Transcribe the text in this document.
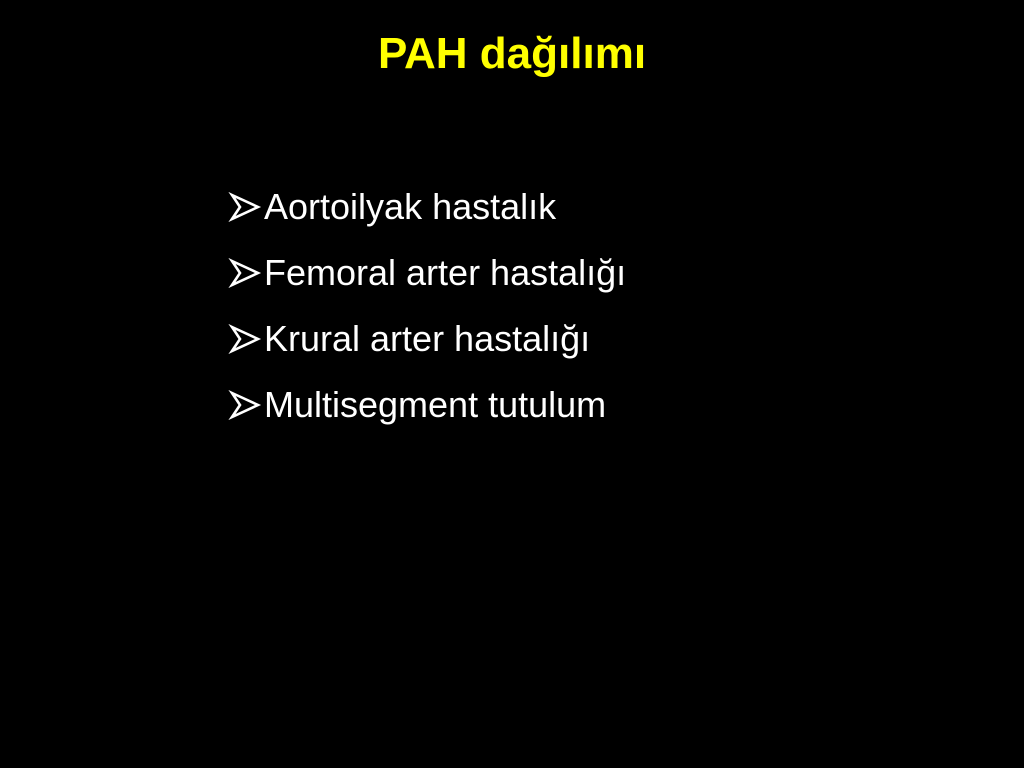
PAH dağılımı
Aortoilyak hastalık
Femoral arter hastalığı
Krural arter hastalığı
Multisegment tutulum
